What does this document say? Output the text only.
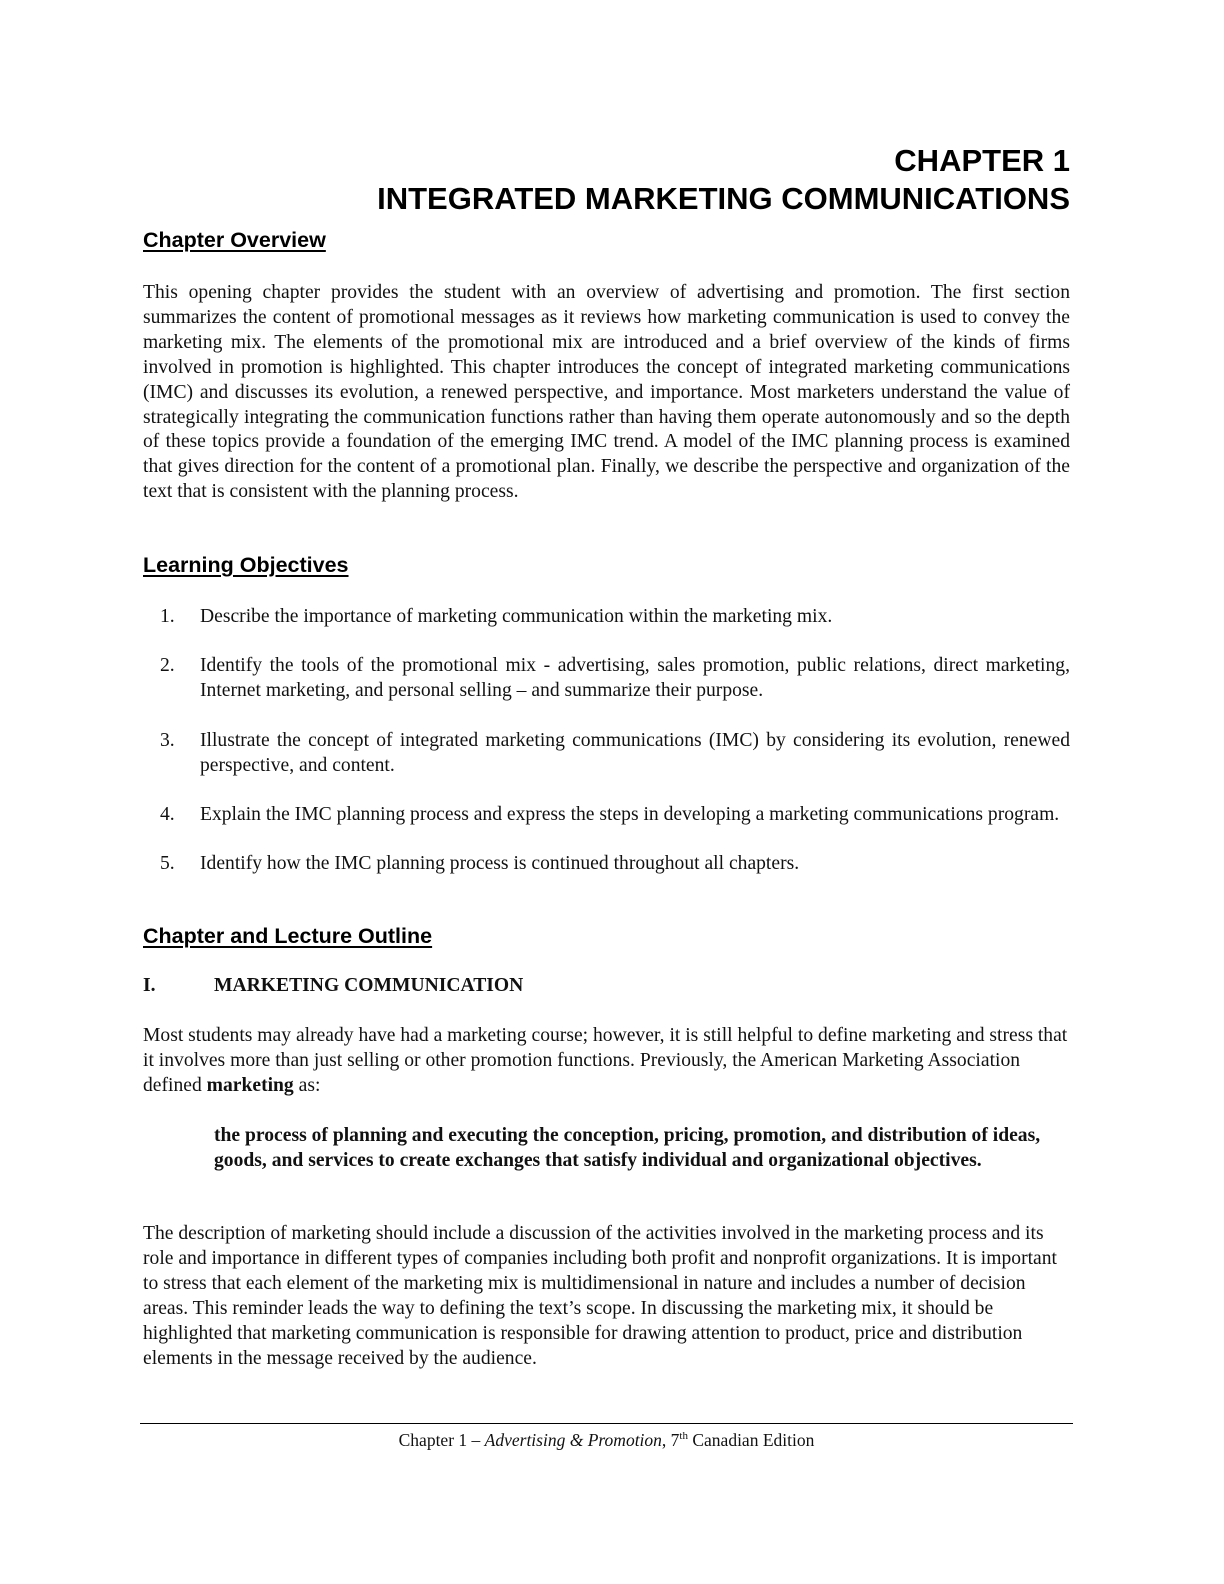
CHAPTER 1
INTEGRATED MARKETING COMMUNICATIONS
Chapter Overview

This opening chapter provides the student with an overview of advertising and promotion. The first section summarizes the content of promotional messages as it reviews how marketing communication is used to convey the marketing mix. The elements of the promotional mix are introduced and a brief overview of the kinds of firms involved in promotion is highlighted. This chapter introduces the concept of integrated marketing communications (IMC) and discusses its evolution, a renewed perspective, and importance. Most marketers understand the value of strategically integrating the communication functions rather than having them operate autonomously and so the depth of these topics provide a foundation of the emerging IMC trend. A model of the IMC planning process is examined that gives direction for the content of a promotional plan. Finally, we describe the perspective and organization of the text that is consistent with the planning process.

Learning Objectives
1. Describe the importance of marketing communication within the marketing mix.
2. Identify the tools of the promotional mix - advertising, sales promotion, public relations, direct marketing, Internet marketing, and personal selling – and summarize their purpose.
3. Illustrate the concept of integrated marketing communications (IMC) by considering its evolution, renewed perspective, and content.
4. Explain the IMC planning process and express the steps in developing a marketing communications program.
5. Identify how the IMC planning process is continued throughout all chapters.
Chapter and Lecture Outline
I.	MARKETING COMMUNICATION

Most students may already have had a marketing course; however, it is still helpful to define marketing and stress that it involves more than just selling or other promotion functions. Previously, the American Marketing Association defined marketing as:

the process of planning and executing the conception, pricing, promotion, and distribution of ideas, goods, and services to create exchanges that satisfy individual and organizational objectives.

The description of marketing should include a discussion of the activities involved in the marketing process and its role and importance in different types of companies including both profit and nonprofit organizations. It is important to stress that each element of the marketing mix is multidimensional in nature and includes a number of decision areas. This reminder leads the way to defining the text’s scope. In discussing the marketing mix, it should be highlighted that marketing communication is responsible for drawing attention to product, price and distribution elements in the message received by the audience.

Chapter 1 – Advertising & Promotion, 7th Canadian Edition
